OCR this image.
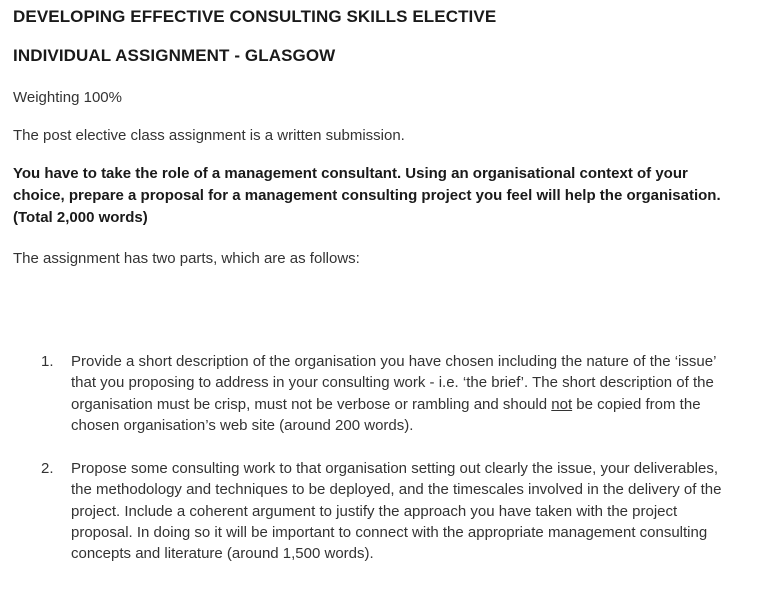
DEVELOPING EFFECTIVE CONSULTING SKILLS ELECTIVE
INDIVIDUAL ASSIGNMENT - GLASGOW

Weighting 100%

The post elective class assignment is a written submission.

You have to take the role of a management consultant. Using an organisational context of your choice, prepare a proposal for a management consulting project you feel will help the organisation. (Total 2,000 words)

The assignment has two parts, which are as follows:

1. Provide a short description of the organisation you have chosen including the nature of the ‘issue’ that you proposing to address in your consulting work - i.e. ‘the brief’. The short description of the organisation must be crisp, must not be verbose or rambling and should not be copied from the chosen organisation’s web site (around 200 words).
2. Propose some consulting work to that organisation setting out clearly the issue, your deliverables, the methodology and techniques to be deployed, and the timescales involved in the delivery of the project. Include a coherent argument to justify the approach you have taken with the project proposal. In doing so it will be important to connect with the appropriate management consulting concepts and literature (around 1,500 words).
